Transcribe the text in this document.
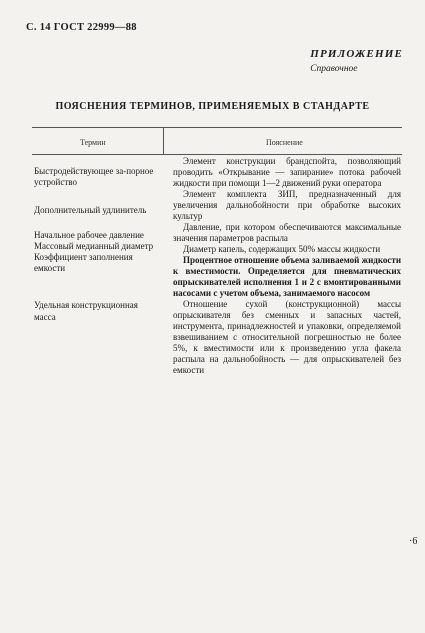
С. 14 ГОСТ 22999—88
ПРИЛОЖЕНИЕ
Справочное
ПОЯСНЕНИЯ ТЕРМИНОВ, ПРИМЕНЯЕМЫХ В СТАНДАРТЕ
Термин	Пояснение

Быстродействующее за-порное устройство

Дополнительный удлинитель

Начальное рабочее давление

Массовый медианный диаметр

Коэффициент заполнения емкости

Удельная конструкционная масса

Элемент конструкции брандспойта, позволяющий проводить «Открывание — запирание» потока рабочей жидкости при помощи 1—2 движений руки оператора

Элемент комплекта ЗИП, предназначенный для увеличения дальнобойности при обработке высоких культур

Давление, при котором обеспечиваются максимальные значения параметров распыла

Диаметр капель, содержащих 50% массы жидкости

Процентное отношение объема заливаемой жидкости к вместимости. Определяется для пневматических опрыскивателей исполнения 1 и 2 с вмонтированными насосами с учетом объема, занимаемого насосом

Отношение сухой (конструкционной) массы опрыскивателя без сменных и запасных частей, инструмента, принадлежностей и упаковки, определяемой взвешиванием с относительной погрешностью не более 5%, к вместимости или к произведению угла факела распыла на дальнобойность — для опрыскивателей без емкости

·6
